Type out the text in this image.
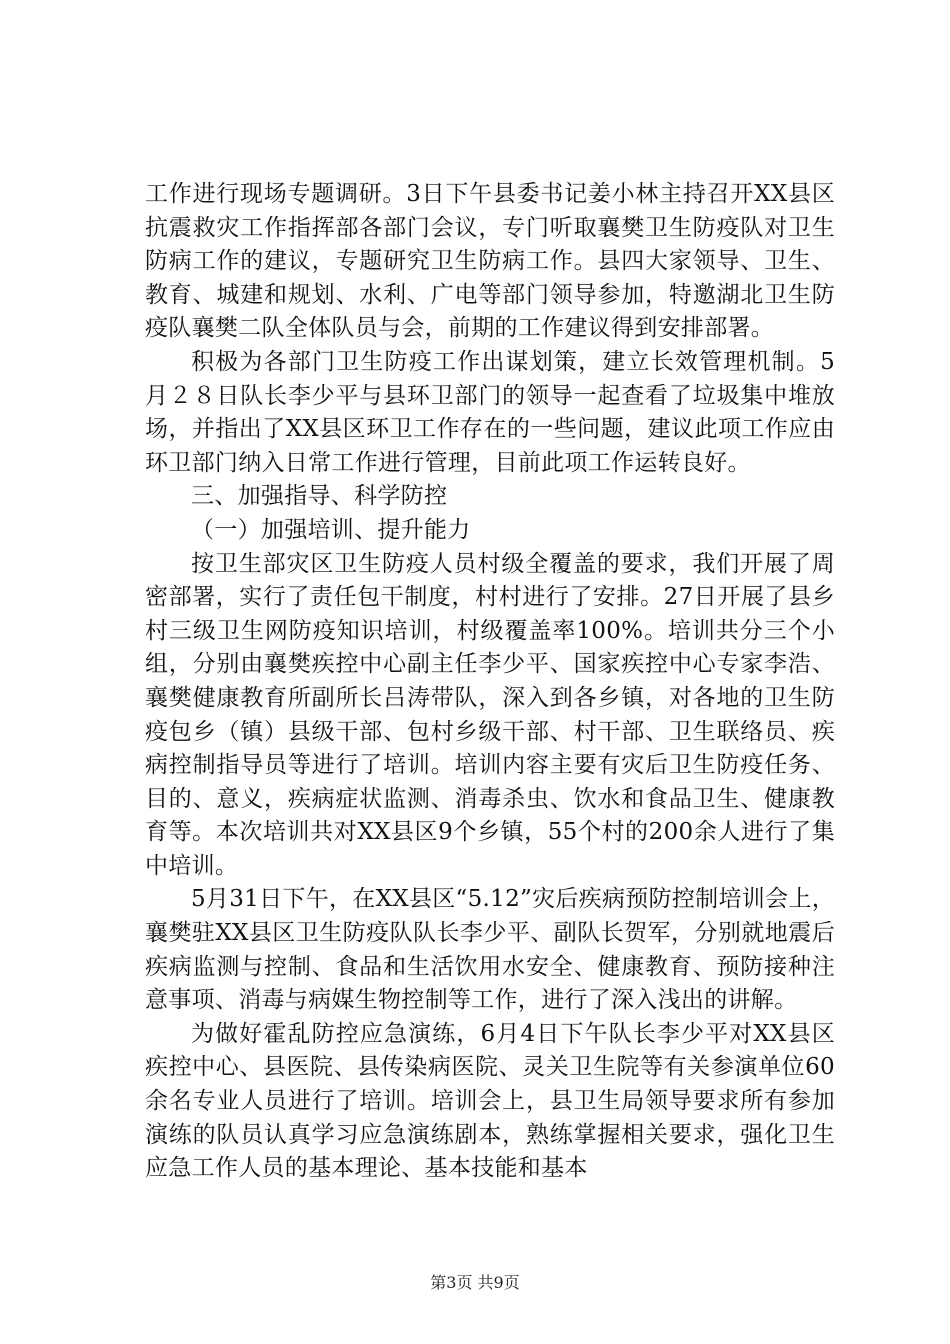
工作进行现场专题调研。3日下午县委书记姜小林主持召开XX县区抗震救灾工作指挥部各部门会议，专门听取襄樊卫生防疫队对卫生防病工作的建议，专题研究卫生防病工作。县四大家领导、卫生、教育、城建和规划、水利、广电等部门领导参加，特邀湖北卫生防疫队襄樊二队全体队员与会，前期的工作建议得到安排部署。

积极为各部门卫生防疫工作出谋划策，建立长效管理机制。5月２８日队长李少平与县环卫部门的领导一起查看了垃圾集中堆放场，并指出了XX县区环卫工作存在的一些问题，建议此项工作应由环卫部门纳入日常工作进行管理，目前此项工作运转良好。

三、加强指导、科学防控

（一）加强培训、提升能力

按卫生部灾区卫生防疫人员村级全覆盖的要求，我们开展了周密部署，实行了责任包干制度，村村进行了安排。27日开展了县乡村三级卫生网防疫知识培训，村级覆盖率100%。培训共分三个小组，分别由襄樊疾控中心副主任李少平、国家疾控中心专家李浩、襄樊健康教育所副所长吕涛带队，深入到各乡镇，对各地的卫生防疫包乡（镇）县级干部、包村乡级干部、村干部、卫生联络员、疾病控制指导员等进行了培训。培训内容主要有灾后卫生防疫任务、目的、意义，疾病症状监测、消毒杀虫、饮水和食品卫生、健康教育等。本次培训共对XX县区9个乡镇，55个村的200余人进行了集中培训。

5月31日下午，在XX县区“5.12”灾后疾病预防控制培训会上，襄樊驻XX县区卫生防疫队队长李少平、副队长贺军，分别就地震后疾病监测与控制、食品和生活饮用水安全、健康教育、预防接种注意事项、消毒与病媒生物控制等工作，进行了深入浅出的讲解。

为做好霍乱防控应急演练，6月4日下午队长李少平对XX县区疾控中心、县医院、县传染病医院、灵关卫生院等有关参演单位60余名专业人员进行了培训。培训会上，县卫生局领导要求所有参加演练的队员认真学习应急演练剧本，熟练掌握相关要求，强化卫生应急工作人员的基本理论、基本技能和基本

第3页 共9页
